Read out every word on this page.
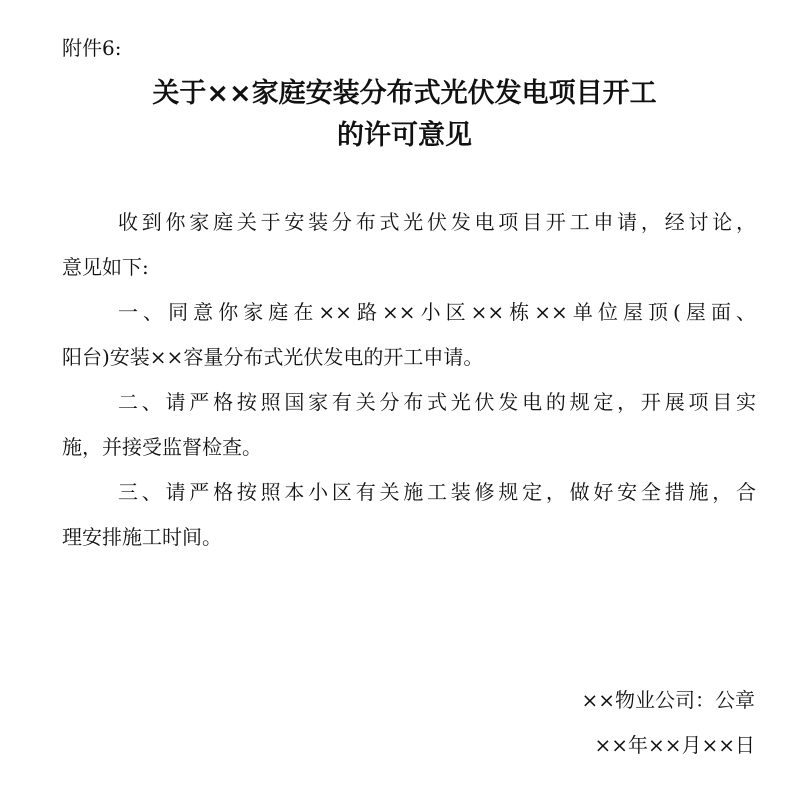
附件6:
关于××家庭安装分布式光伏发电项目开工
的许可意见
收到你家庭关于安装分布式光伏发电项目开工申请，经讨论，
意见如下:
一、同意你家庭在××路××小区××栋××单位屋顶(屋面、
阳台)安装××容量分布式光伏发电的开工申请。
二、请严格按照国家有关分布式光伏发电的规定，开展项目实
施，并接受监督检查。
三、请严格按照本小区有关施工装修规定，做好安全措施，合
理安排施工时间。
××物业公司：公章
××年××月××日
